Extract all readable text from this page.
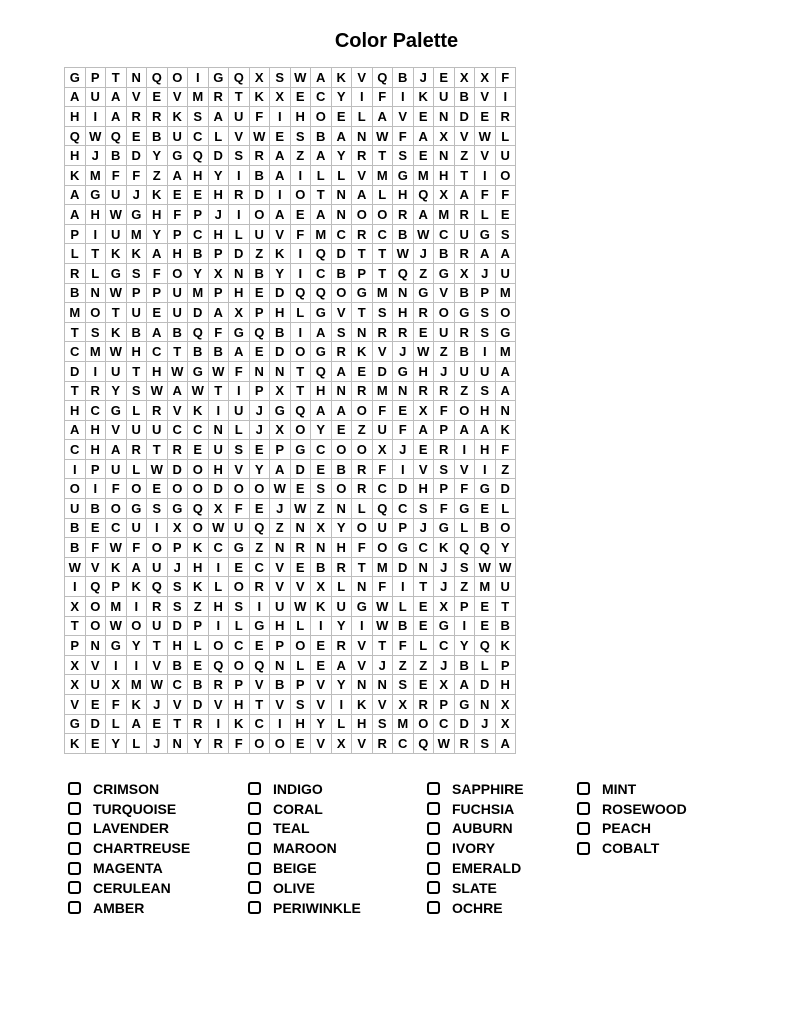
Color Palette
G	P	T	N	Q	O	I	G	Q	X	S	W	A	K	V	Q	B	J	E	X	X	F
A	U	A	V	E	V	M	R	T	K	X	E	C	Y	I	F	I	K	U	B	V	I
H	I	A	R	R	K	S	A	U	F	I	H	O	E	L	A	V	E	N	D	E	R
Q	W	Q	E	B	U	C	L	V	W	E	S	B	A	N	W	F	A	X	V	W	L
H	J	B	D	Y	G	Q	D	S	R	A	Z	A	Y	R	T	S	E	N	Z	V	U
K	M	F	F	Z	A	H	Y	I	B	A	I	L	L	V	M	G	M	H	T	I	O
A	G	U	J	K	E	E	H	R	D	I	O	T	N	A	L	H	Q	X	A	F	F
A	H	W	G	H	F	P	J	I	O	A	E	A	N	O	O	R	A	M	R	L	E
P	I	U	M	Y	P	C	H	L	U	V	F	M	C	R	C	B	W	C	U	G	S
L	T	K	K	A	H	B	P	D	Z	K	I	Q	D	T	T	W	J	B	R	A	A
R	L	G	S	F	O	Y	X	N	B	Y	I	C	B	P	T	Q	Z	G	X	J	U
B	N	W	P	P	U	M	P	H	E	D	Q	Q	O	G	M	N	G	V	B	P	M
M	O	T	U	E	U	D	A	X	P	H	L	G	V	T	S	H	R	O	G	S	O
T	S	K	B	A	B	Q	F	G	Q	B	I	A	S	N	R	R	E	U	R	S	G
C	M	W	H	C	T	B	B	A	E	D	O	G	R	K	V	J	W	Z	B	I	M
D	I	U	T	H	W	G	W	F	N	N	T	Q	A	E	D	G	H	J	U	U	A
T	R	Y	S	W	A	W	T	I	P	X	T	H	N	R	M	N	R	R	Z	S	A
H	C	G	L	R	V	K	I	U	J	G	Q	A	A	O	F	E	X	F	O	H	N
A	H	V	U	U	C	C	N	L	J	X	O	Y	E	Z	U	F	A	P	A	A	K
C	H	A	R	T	R	E	U	S	E	P	G	C	O	O	X	J	E	R	I	H	F
I	P	U	L	W	D	O	H	V	Y	A	D	E	B	R	F	I	V	S	V	I	Z
O	I	F	O	E	O	O	D	O	O	W	E	S	O	R	C	D	H	P	F	G	D
U	B	O	G	S	G	Q	X	F	E	J	W	Z	N	L	Q	C	S	F	G	E	L
B	E	C	U	I	X	O	W	U	Q	Z	N	X	Y	O	U	P	J	G	L	B	O
B	F	W	F	O	P	K	C	G	Z	N	R	N	H	F	O	G	C	K	Q	Q	Y
W	V	K	A	U	J	H	I	E	C	V	E	B	R	T	M	D	N	J	S	W	W
I	Q	P	K	Q	S	K	L	O	R	V	V	X	L	N	F	I	T	J	Z	M	U
X	O	M	I	R	S	Z	H	S	I	U	W	K	U	G	W	L	E	X	P	E	T
T	O	W	O	U	D	P	I	L	G	H	L	I	Y	I	W	B	E	G	I	E	B
P	N	G	Y	T	H	L	O	C	E	P	O	E	R	V	T	F	L	C	Y	Q	K
X	V	I	I	V	B	E	Q	O	Q	N	L	E	A	V	J	Z	Z	J	B	L	P
X	U	X	M	W	C	B	R	P	V	B	P	V	Y	N	N	S	E	X	A	D	H
V	E	F	K	J	V	D	V	H	T	V	S	V	I	K	V	X	R	P	G	N	X
G	D	L	A	E	T	R	I	K	C	I	H	Y	L	H	S	M	O	C	D	J	X
K	E	Y	L	J	N	Y	R	F	O	O	E	V	X	V	R	C	Q	W	R	S	A
CRIMSON
TURQUOISE
LAVENDER
CHARTREUSE
MAGENTA
CERULEAN
AMBER
INDIGO
CORAL
TEAL
MAROON
BEIGE
OLIVE
PERIWINKLE
SAPPHIRE
FUCHSIA
AUBURN
IVORY
EMERALD
SLATE
OCHRE
MINT
ROSEWOOD
PEACH
COBALT
